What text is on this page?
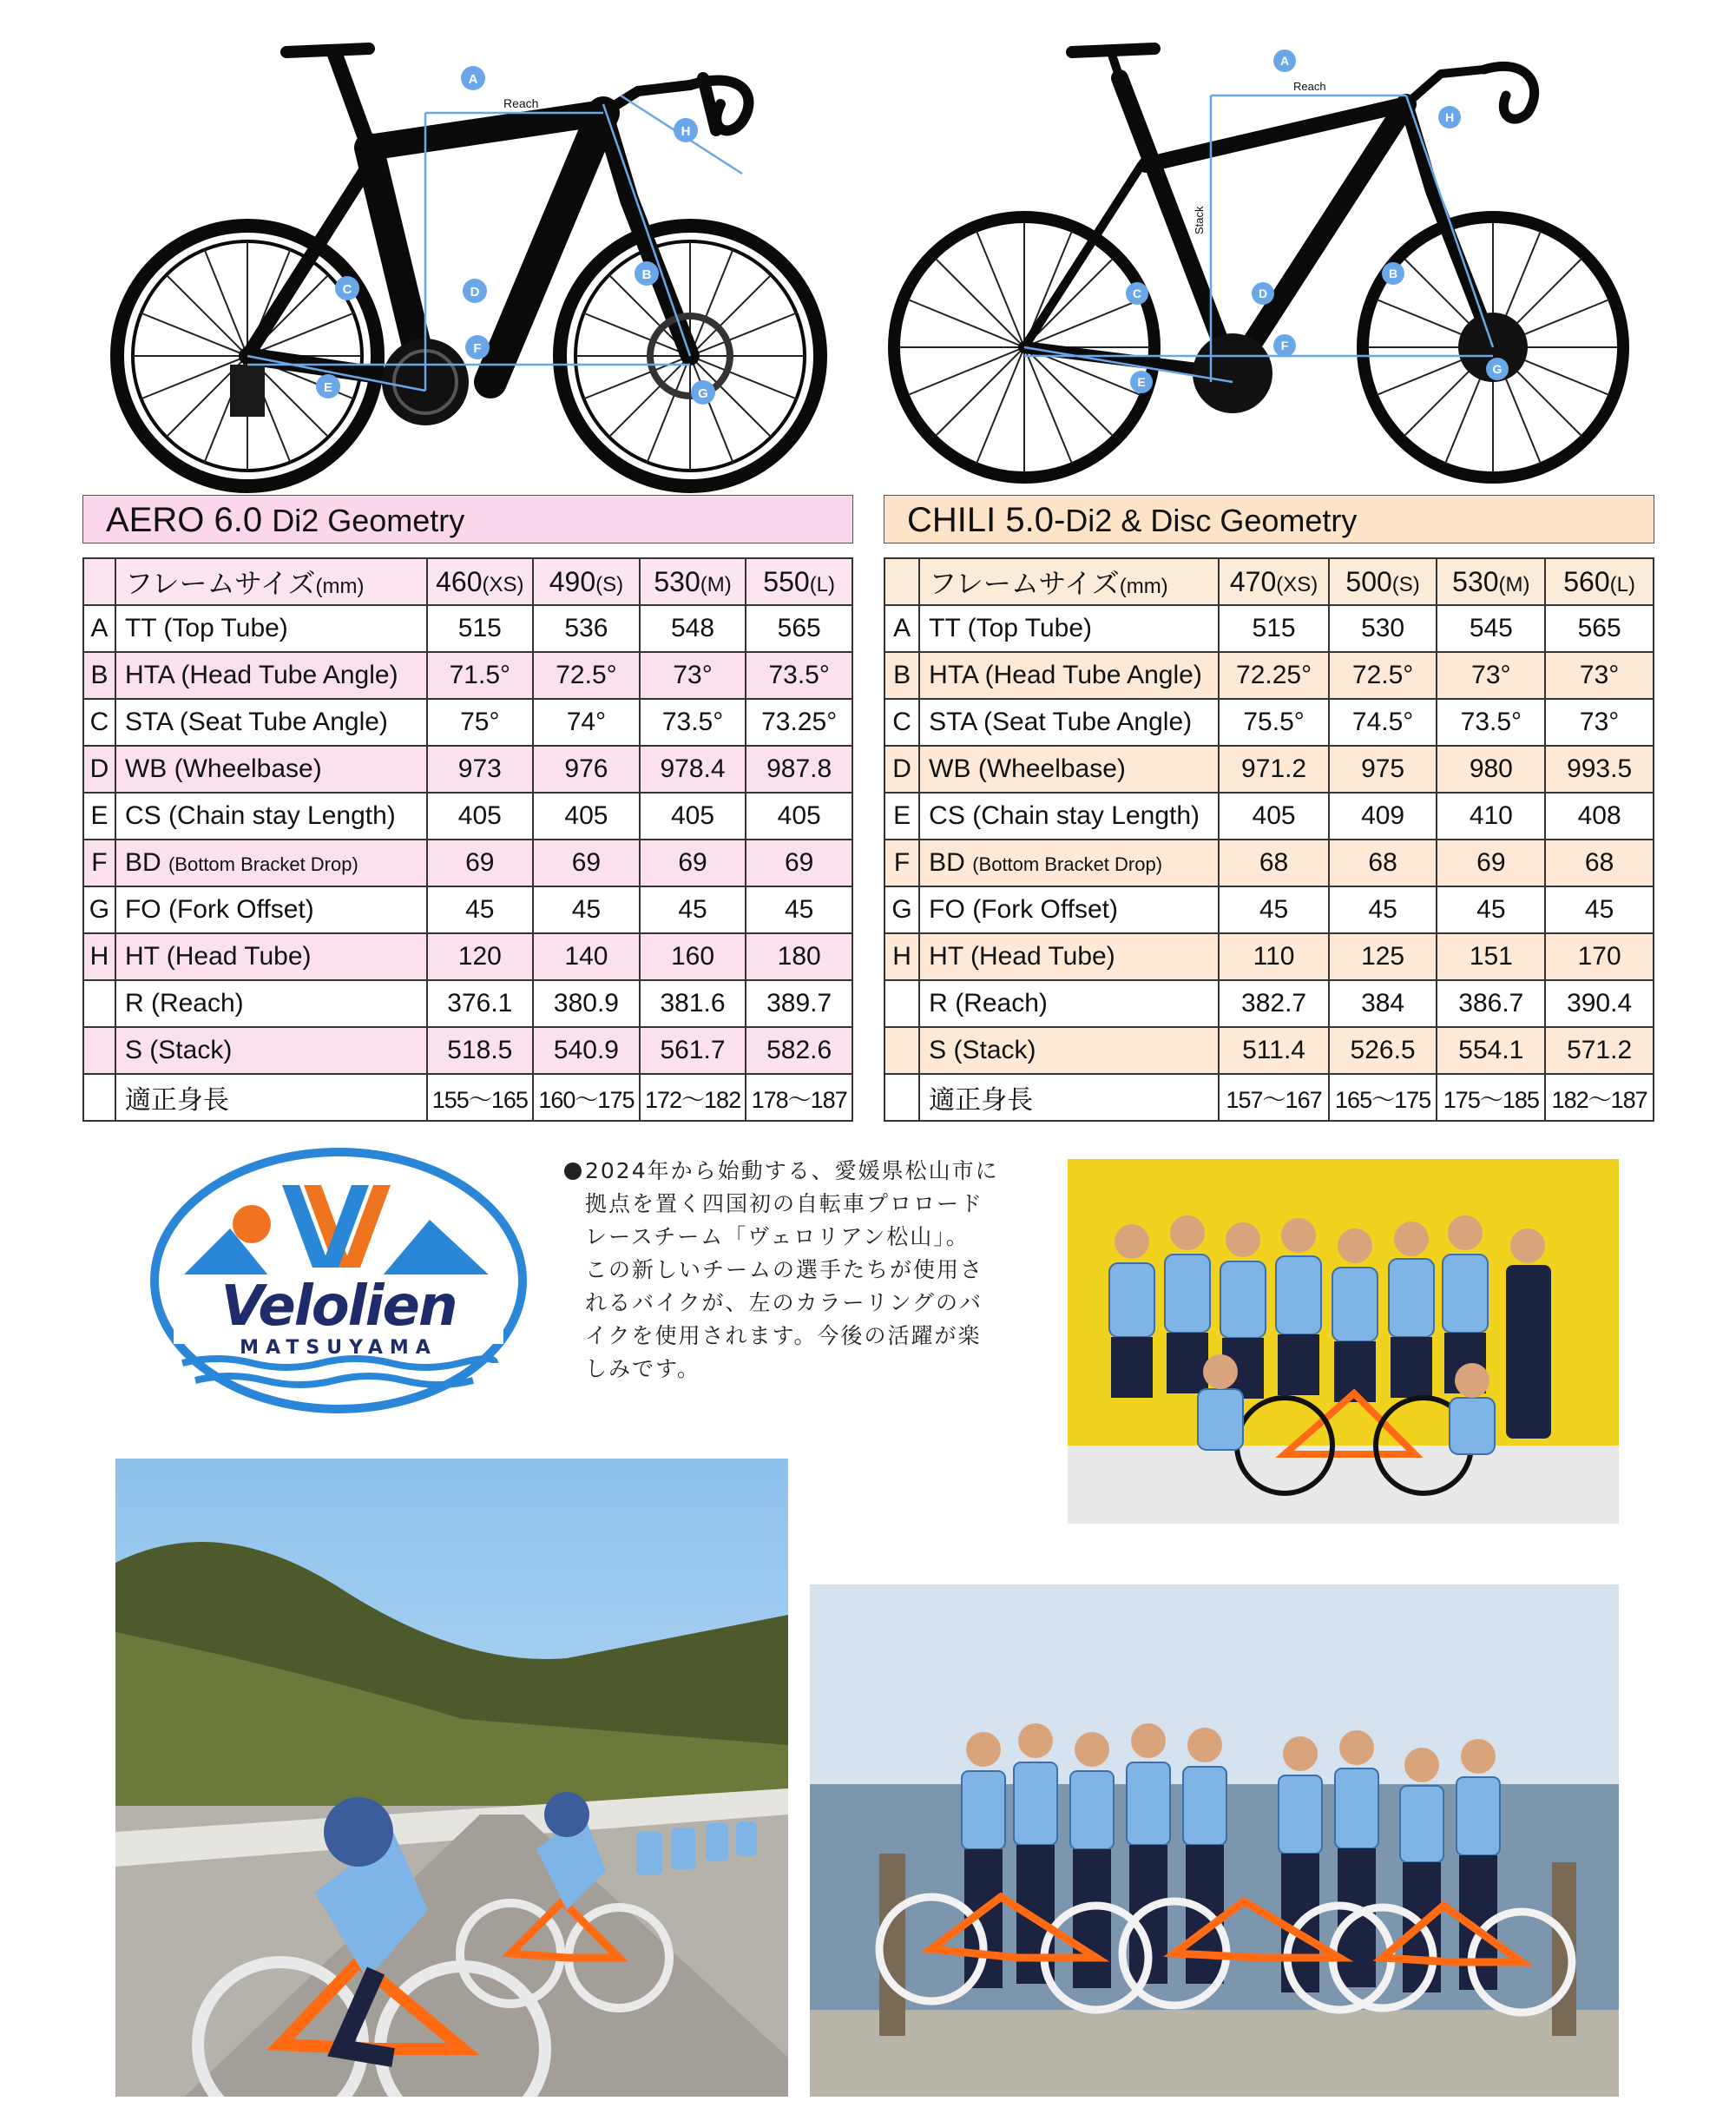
A
B
C	D
E
F
G
H
Reach
Stack
A
B
C	D
E
F
G
H
Reach
Stack
AERO 6.0 Di2 Geometry
	フレームサイズ(mm)	460(XS)	490(S)	530(M)	550(L)
A	TT (Top Tube)	515	536	548	565
B	HTA (Head Tube Angle)	71.5°	72.5°	73°	73.5°
C	STA (Seat Tube Angle)	75°	74°	73.5°	73.25°
D	WB (Wheelbase)	973	976	978.4	987.8
E	CS (Chain stay Length)	405	405	405	405
F	BD (Bottom Bracket Drop)	69	69	69	69
G	FO (Fork Offset)	45	45	45	45
H	HT (Head Tube)	120	140	160	180
	R (Reach)	376.1	380.9	381.6	389.7
	S (Stack)	518.5	540.9	561.7	582.6
	適正身長	155〜165	160〜175	172〜182	178〜187
CHILI 5.0-Di2 & Disc Geometry
	フレームサイズ(mm)	470(XS)	500(S)	530(M)	560(L)
A	TT (Top Tube)	515	530	545	565
B	HTA (Head Tube Angle)	72.25°	72.5°	73°	73°
C	STA (Seat Tube Angle)	75.5°	74.5°	73.5°	73°
D	WB (Wheelbase)	971.2	975	980	993.5
E	CS (Chain stay Length)	405	409	410	408
F	BD (Bottom Bracket Drop)	68	68	69	68
G	FO (Fork Offset)	45	45	45	45
H	HT (Head Tube)	110	125	151	170
	R (Reach)	382.7	384	386.7	390.4
	S (Stack)	511.4	526.5	554.1	571.2
	適正身長	157〜167	165〜175	175〜185	182〜187
Velolien
MATSUYAMA
2024年から始動する、愛媛県松山市に
拠点を置く四国初の自転車プロロード
レースチーム「ヴェロリアン松山」。
この新しいチームの選手たちが使用さ
れるバイクが、左のカラーリングのバ
イクを使用されます。今後の活躍が楽
しみです。
